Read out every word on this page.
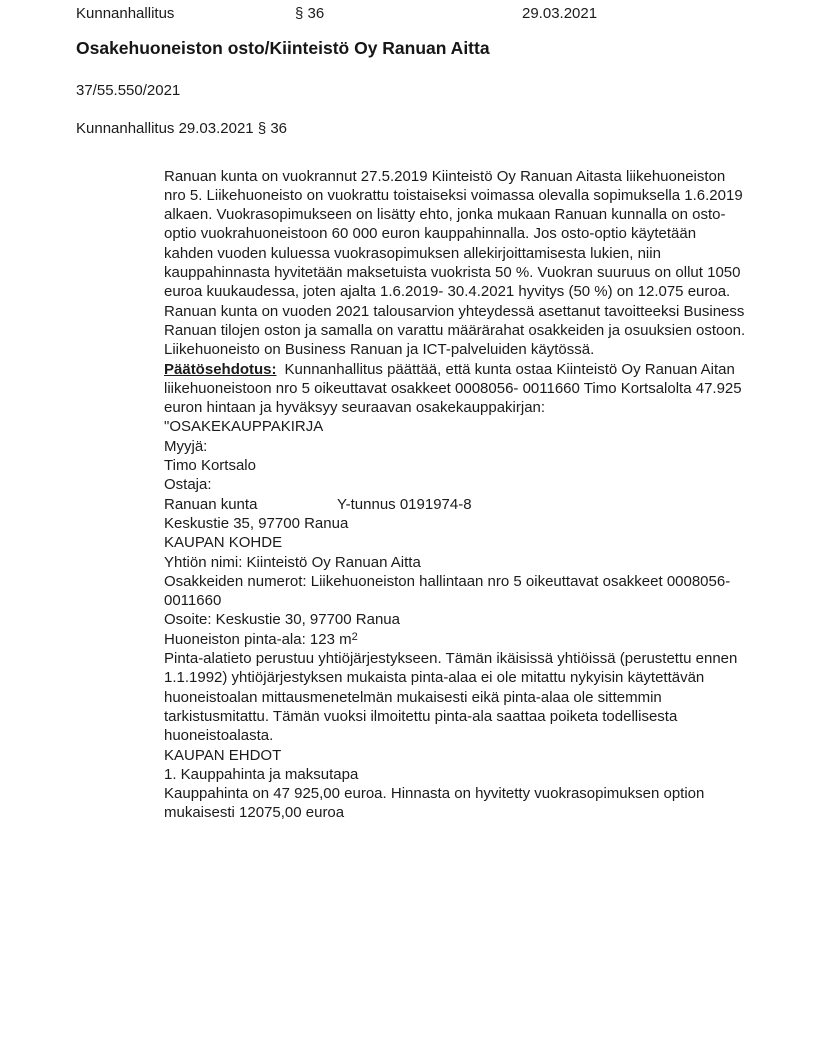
Kunnanhallitus	§ 36	29.03.2021
Osakehuoneiston osto/Kiinteistö Oy Ranuan Aitta
37/55.550/2021
Kunnanhallitus 29.03.2021 § 36

Ranuan kunta on vuokrannut 27.5.2019 Kiinteistö Oy Ranuan Aitasta liikehuoneiston nro 5. Liikehuoneisto on vuokrattu toistaiseksi voimassa olevalla sopimuksella 1.6.2019 alkaen. Vuokrasopimukseen on lisätty ehto, jonka mukaan Ranuan kunnalla on osto-optio vuokrahuoneistoon 60 000 euron kauppahinnalla. Jos osto-optio käytetään kahden vuoden kuluessa vuokrasopimuksen allekirjoittamisesta lukien, niin kauppahinnasta hyvitetään maksetuista vuokrista 50 %. Vuokran suuruus on ollut 1050 euroa kuukaudessa, joten ajalta 1.6.2019- 30.4.2021 hyvitys (50 %) on 12.075 euroa.

Ranuan kunta on vuoden 2021 talousarvion yhteydessä asettanut tavoitteeksi Business Ranuan tilojen oston ja samalla on varattu määrärahat osakkeiden ja osuuksien ostoon.

Liikehuoneisto on Business Ranuan ja ICT-palveluiden käytössä.

Päätösehdotus: Kunnanhallitus päättää, että kunta ostaa Kiinteistö Oy Ranuan Aitan liikehuoneistoon nro 5 oikeuttavat osakkeet 0008056- 0011660 Timo Kortsalolta 47.925 euron hintaan ja hyväksyy seuraavan osakekauppakirjan:

"OSAKEKAUPPAKIRJA

Myyjä:
Timo Kortsalo

Ostaja:
Ranuan kunta	Y-tunnus 0191974-8
Keskustie 35, 97700 Ranua

KAUPAN KOHDE
Yhtiön nimi: Kiinteistö Oy Ranuan Aitta
Osakkeiden numerot: Liikehuoneiston hallintaan nro 5 oikeuttavat osakkeet 0008056-0011660
Osoite: Keskustie 30, 97700 Ranua
Huoneiston pinta-ala: 123 $m^2$

Pinta-alatieto perustuu yhtiöjärjestykseen. Tämän ikäisissä yhtiöissä (perustettu ennen 1.1.1992) yhtiöjärjestyksen mukaista pinta-alaa ei ole mitattu nykyisin käytettävän huoneistoalan mittausmenetelmän mukaisesti eikä pinta-alaa ole sittemmin tarkistusmitattu. Tämän vuoksi ilmoitettu pinta-ala saattaa poiketa todellisesta huoneistoalasta.

KAUPAN EHDOT

1. Kauppahinta ja maksutapa
Kauppahinta on 47 925,00 euroa. Hinnasta on hyvitetty vuokrasopimuksen option mukaisesti 12075,00 euroa
